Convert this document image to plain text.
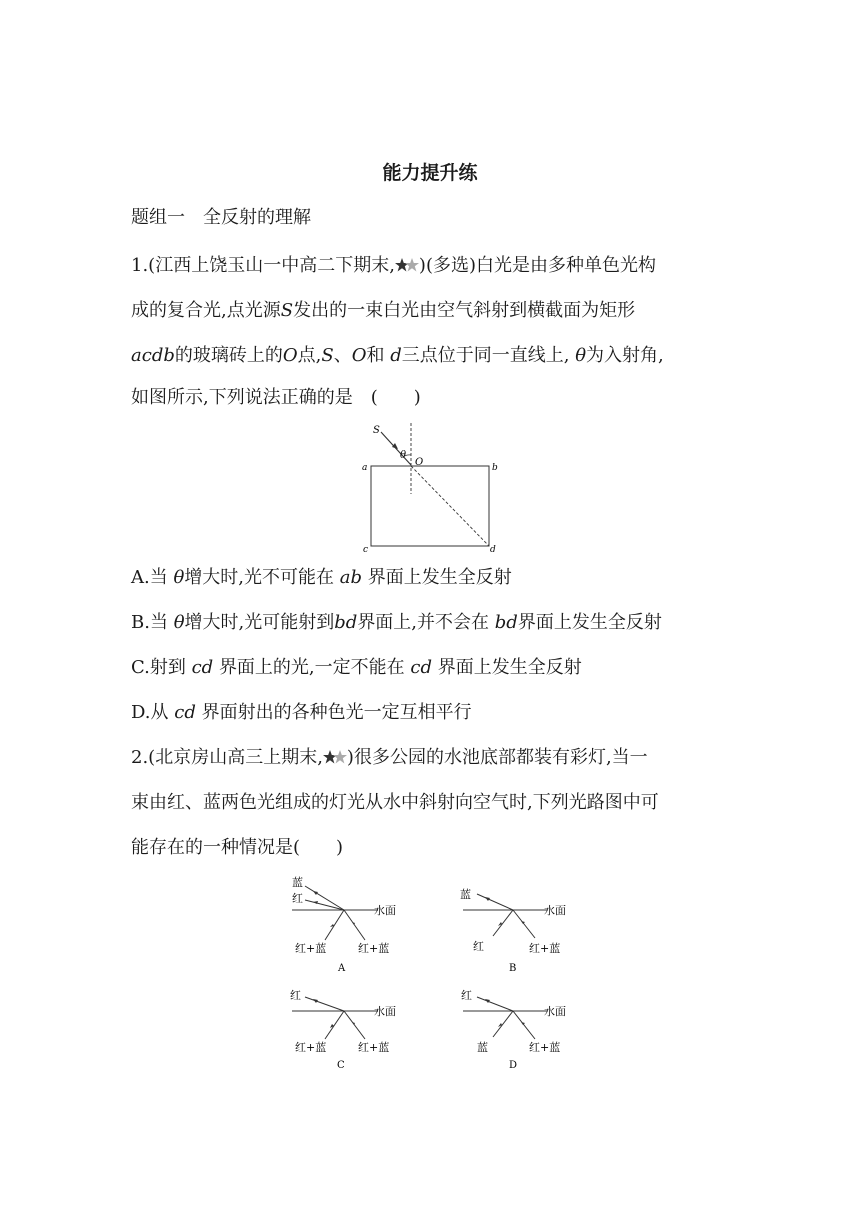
能力提升练
题组一　全反射的理解
1.(江西上饶玉山一中高二下期末, )(多选)白光是由多种单色光构
成的复合光,点光源S发出的一束白光由空气斜射到横截面为矩形
acdb的玻璃砖上的O点,S、O和 d三点位于同一直线上, θ为入射角,
如图所示,下列说法正确的是　(　　)
S
θ
O
a	b
c	d
A.当 θ增大时,光不可能在 ab 界面上发生全反射
B.当 θ增大时,光可能射到bd界面上,并不会在 bd界面上发生全反射
C.射到 cd 界面上的光,一定不能在 cd 界面上发生全反射
D.从 cd 界面射出的各种色光一定互相平行
2.(北京房山高三上期末, )很多公园的水池底部都装有彩灯,当一
束由红、蓝两色光组成的灯光从水中斜射向空气时,下列光路图中可
能存在的一种情况是(　　)
蓝
红
水面
红+蓝	红+蓝
A
蓝
水面
红	红+蓝
B
红
水面
红+蓝	红+蓝
C
红
水面
蓝	红+蓝
D
